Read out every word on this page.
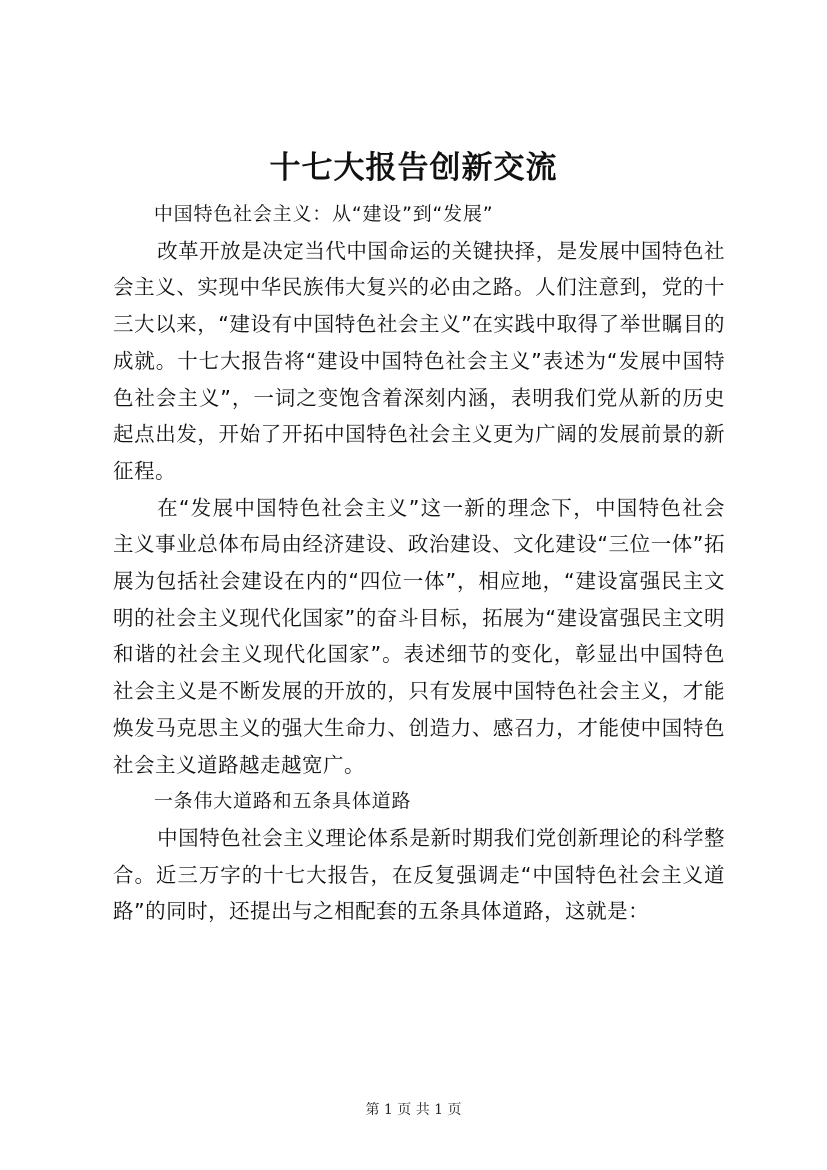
十七大报告创新交流

中国特色社会主义：从“建设”到“发展”

改革开放是决定当代中国命运的关键抉择，是发展中国特色社会主义、实现中华民族伟大复兴的必由之路。人们注意到，党的十三大以来，“建设有中国特色社会主义”在实践中取得了举世瞩目的成就。十七大报告将“建设中国特色社会主义”表述为“发展中国特色社会主义”，一词之变饱含着深刻内涵，表明我们党从新的历史起点出发，开始了开拓中国特色社会主义更为广阔的发展前景的新征程。

在“发展中国特色社会主义”这一新的理念下，中国特色社会主义事业总体布局由经济建设、政治建设、文化建设“三位一体”拓展为包括社会建设在内的“四位一体”，相应地，“建设富强民主文明的社会主义现代化国家”的奋斗目标，拓展为“建设富强民主文明和谐的社会主义现代化国家”。表述细节的变化，彰显出中国特色社会主义是不断发展的开放的，只有发展中国特色社会主义，才能焕发马克思主义的强大生命力、创造力、感召力，才能使中国特色社会主义道路越走越宽广。

一条伟大道路和五条具体道路

中国特色社会主义理论体系是新时期我们党创新理论的科学整合。近三万字的十七大报告，在反复强调走“中国特色社会主义道路”的同时，还提出与之相配套的五条具体道路，这就是：

第 1 页 共 1 页
